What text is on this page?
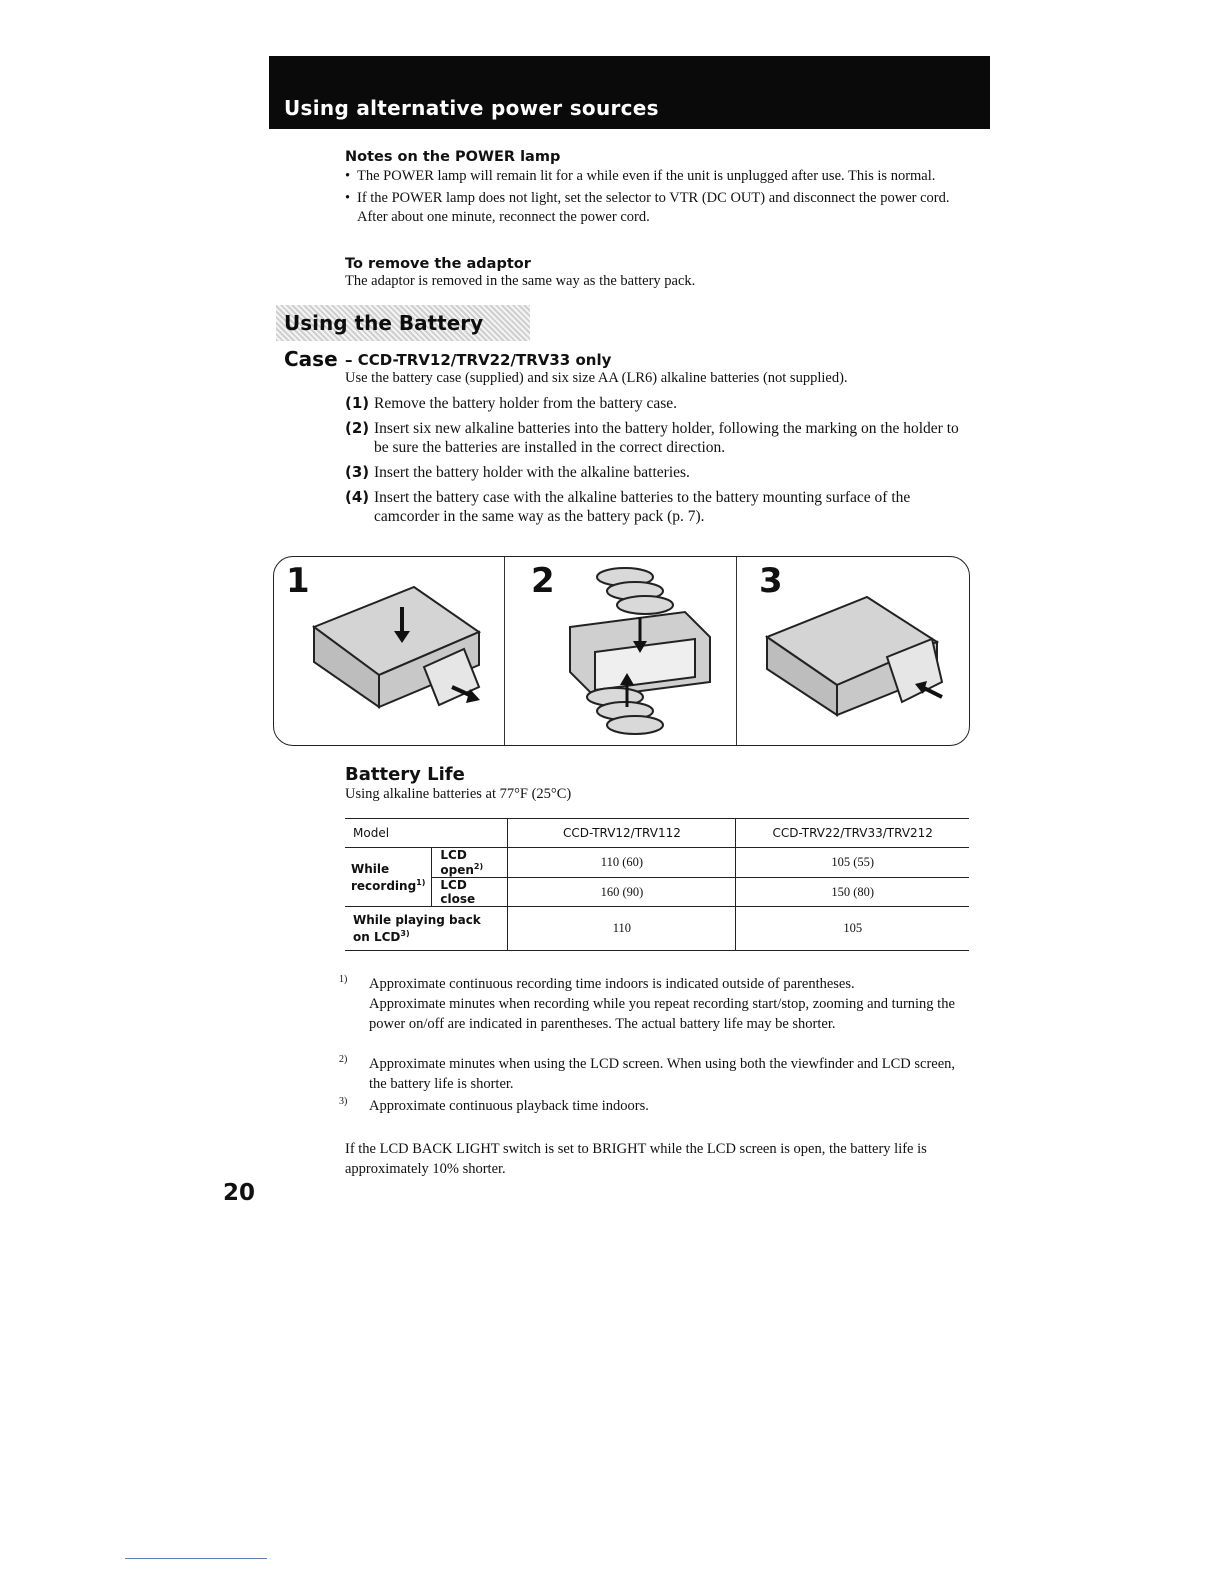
Using alternative power sources
Notes on the POWER lamp
• The POWER lamp will remain lit for a while even if the unit is unplugged after use. This is normal.
• If the POWER lamp does not light, set the selector to VTR (DC OUT) and disconnect the power cord. After about one minute, reconnect the power cord.
To remove the adaptor

The adaptor is removed in the same way as the battery pack.

Using the Battery Case – CCD-TRV12/TRV22/TRV33 only

Use the battery case (supplied) and six size AA (LR6) alkaline batteries (not supplied).

(1) Remove the battery holder from the battery case.
(2) Insert six new alkaline batteries into the battery holder, following the marking on the holder to be sure the batteries are installed in the correct direction.
(3) Insert the battery holder with the alkaline batteries.
(4) Insert the battery case with the alkaline batteries to the battery mounting surface of the camcorder in the same way as the battery pack (p. 7).
1	2	3
Battery Life

Using alkaline batteries at 77°F (25°C)

Model		CCD-TRV12/TRV112	CCD-TRV22/TRV33/TRV212
While recording$^{1)}$	LCD open$^{2)}$	110 (60)	105 (55)
	LCD close	160 (90)	150 (80)
While playing back on LCD$^{3)}$		110	105
1)	Approximate continuous recording time indoors is indicated outside of parentheses.
Approximate minutes when recording while you repeat recording start/stop, zooming and turning the power on/off are indicated in parentheses. The actual battery life may be shorter.
2)	Approximate minutes when using the LCD screen. When using both the viewfinder and LCD screen, the battery life is shorter.
3)	Approximate continuous playback time indoors.

If the LCD BACK LIGHT switch is set to BRIGHT while the LCD screen is open, the battery life is approximately 10% shorter.

20
